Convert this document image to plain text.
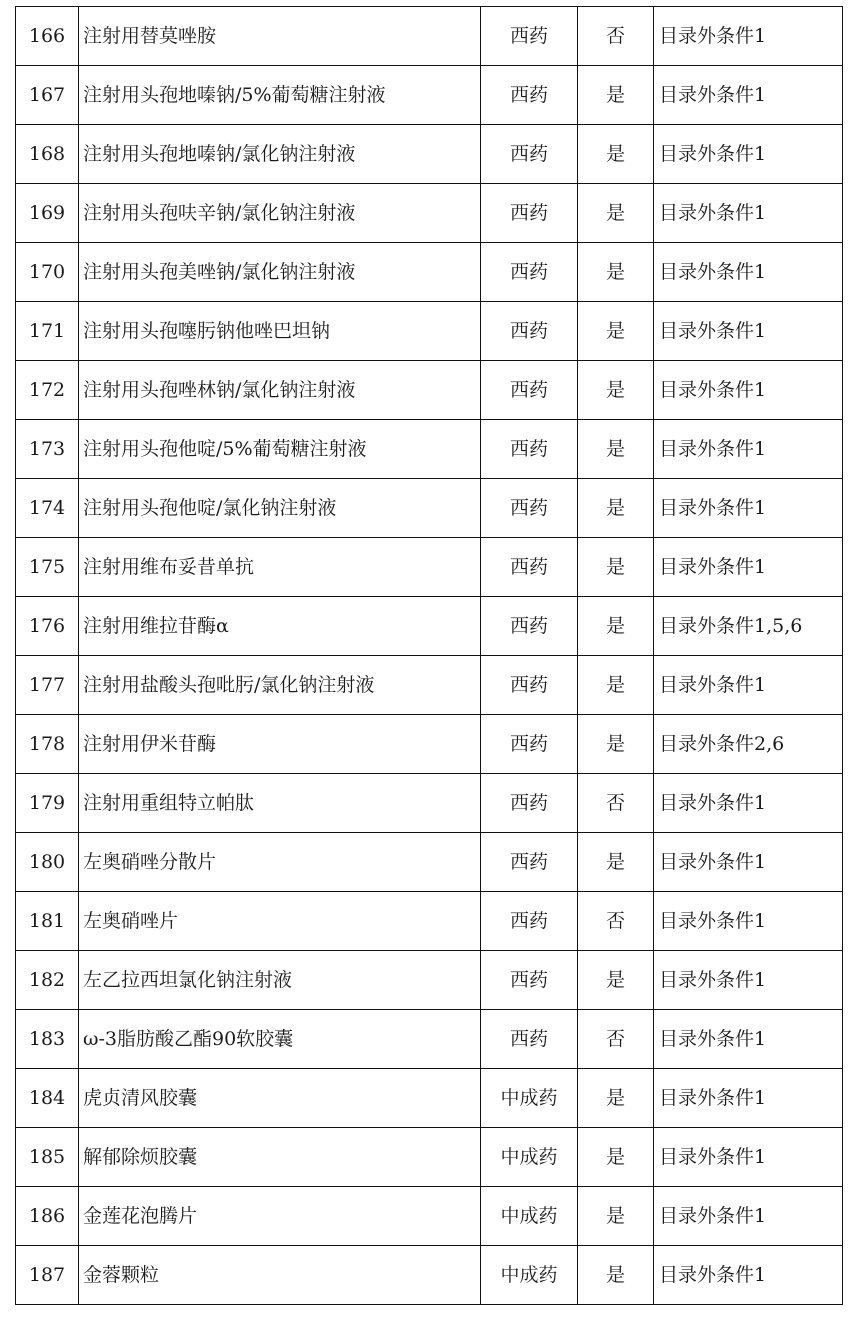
166	注射用替莫唑胺	西药	否	目录外条件1
167	注射用头孢地嗪钠/5%葡萄糖注射液	西药	是	目录外条件1
168	注射用头孢地嗪钠/氯化钠注射液	西药	是	目录外条件1
169	注射用头孢呋辛钠/氯化钠注射液	西药	是	目录外条件1
170	注射用头孢美唑钠/氯化钠注射液	西药	是	目录外条件1
171	注射用头孢噻肟钠他唑巴坦钠	西药	是	目录外条件1
172	注射用头孢唑林钠/氯化钠注射液	西药	是	目录外条件1
173	注射用头孢他啶/5%葡萄糖注射液	西药	是	目录外条件1
174	注射用头孢他啶/氯化钠注射液	西药	是	目录外条件1
175	注射用维布妥昔单抗	西药	是	目录外条件1
176	注射用维拉苷酶α	西药	是	目录外条件1,5,6
177	注射用盐酸头孢吡肟/氯化钠注射液	西药	是	目录外条件1
178	注射用伊米苷酶	西药	是	目录外条件2,6
179	注射用重组特立帕肽	西药	否	目录外条件1
180	左奥硝唑分散片	西药	是	目录外条件1
181	左奥硝唑片	西药	否	目录外条件1
182	左乙拉西坦氯化钠注射液	西药	是	目录外条件1
183	ω-3脂肪酸乙酯90软胶囊	西药	否	目录外条件1
184	虎贞清风胶囊	中成药	是	目录外条件1
185	解郁除烦胶囊	中成药	是	目录外条件1
186	金莲花泡腾片	中成药	是	目录外条件1
187	金蓉颗粒	中成药	是	目录外条件1
